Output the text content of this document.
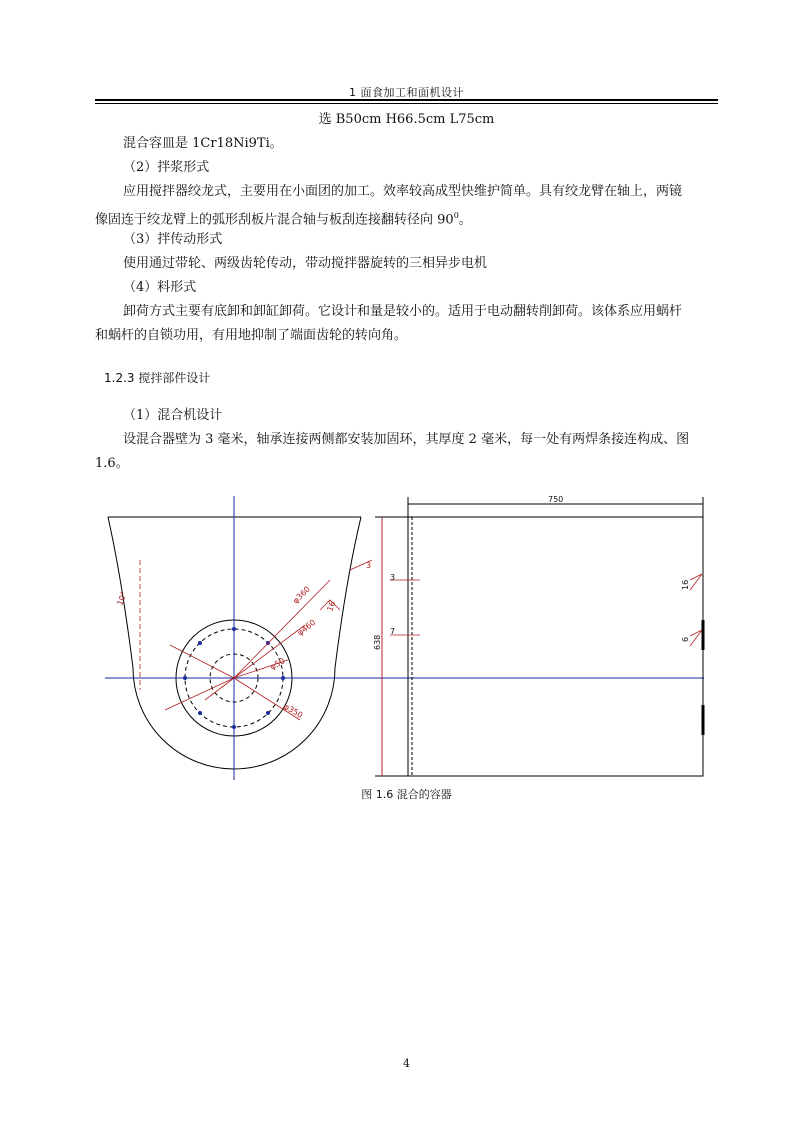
1 面食加工和面机设计
选 B50cm H66.5cm L75cm
混合容皿是 1Cr18Ni9Ti。
（2）拌浆形式
应用搅拌器绞龙式，主要用在小面团的加工。效率较高成型快维护简单。具有绞龙臂在轴上，两镜
像固连于绞龙臂上的弧形刮板片混合轴与板刮连接翻转径向 $90^0$。
（3）拌传动形式
使用通过带轮、两级齿轮传动，带动搅拌器旋转的三相异步电机
（4）料形式
卸荷方式主要有底卸和卸缸卸荷。它设计和量是较小的。适用于电动翻转削卸荷。该体系应用蜗杆
和蜗杆的自锁功用，有用地抑制了端面齿轮的转向角。
1.2.3 搅拌部件设计
（1）混合机设计
设混合器壁为 3 毫米，轴承连接两侧都安装加固环，其厚度 2 毫米，每一处有两焊条接连构成、图
1.6。
750
638
3
7
16
6
10°	φ360
φ460
φ50
φ350
3
16
图 1.6 混合的容器
4
